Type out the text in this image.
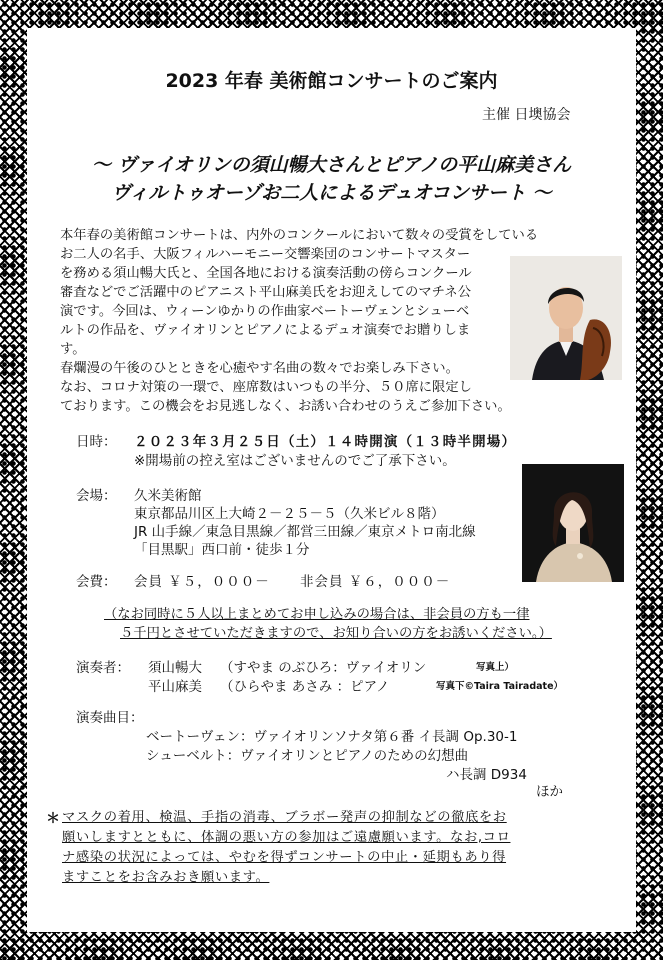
2023 年春 美術館コンサートのご案内
主催 日墺協会
～ ヴァイオリンの須山暢大さんとピアノの平山麻美さん
ヴィルトゥオーゾお二人によるデュオコンサート ～
本年春の美術館コンサートは、内外のコンクールにおいて数々の受賞をしている
お二人の名手、大阪フィルハーモニー交響楽団のコンサートマスター
を務める須山暢大氏と、全国各地における演奏活動の傍らコンクール
審査などでご活躍中のピアニスト平山麻美氏をお迎えしてのマチネ公
演です。今回は、ウィーンゆかりの作曲家ベートーヴェンとシューベ
ルトの作品を、ヴァイオリンとピアノによるデュオ演奏でお贈りしま
す。
春爛漫の午後のひとときを心癒やす名曲の数々でお楽しみ下さい。
なお、コロナ対策の一環で、座席数はいつもの半分、５０席に限定し
ております。この機会をお見逃しなく、お誘い合わせのうえご参加下さい。
日時： ２０２３年３月２５日（土）１４時開演（１３時半開場）
※開場前の控え室はございませんのでご了承下さい。
会場： 久米美術館
東京都品川区上大崎２－２５－５（久米ビル８階）
JR 山手線／東急目黒線／都営三田線／東京メトロ南北線
「目黒駅」西口前・徒歩１分
会費： 会員 ￥５，０００－ 非会員 ￥６，０００－
（なお同時に５人以上まとめてお申し込みの場合は、非会員の方も一律
５千円とさせていただきますので、お知り合いの方をお誘いください。）
演奏者： 須山暢大 （すやま のぶひろ：ヴァイオリン	写真上）
平山麻美 （ひらやま あさみ ：ピアノ	写真下©Taira Tairadate）
演奏曲目：
ベートーヴェン：ヴァイオリンソナタ第６番 イ長調 Op.30-1
シューベルト：ヴァイオリンとピアノのための幻想曲
ハ長調 D934
ほか
＊ マスクの着用、検温、手指の消毒、ブラボー発声の抑制などの徹底をお
願いしますとともに、体調の悪い方の参加はご遠慮願います。なお,コロ
ナ感染の状況によっては、やむを得ずコンサートの中止・延期もあり得
ますことをお含みおき願います。
